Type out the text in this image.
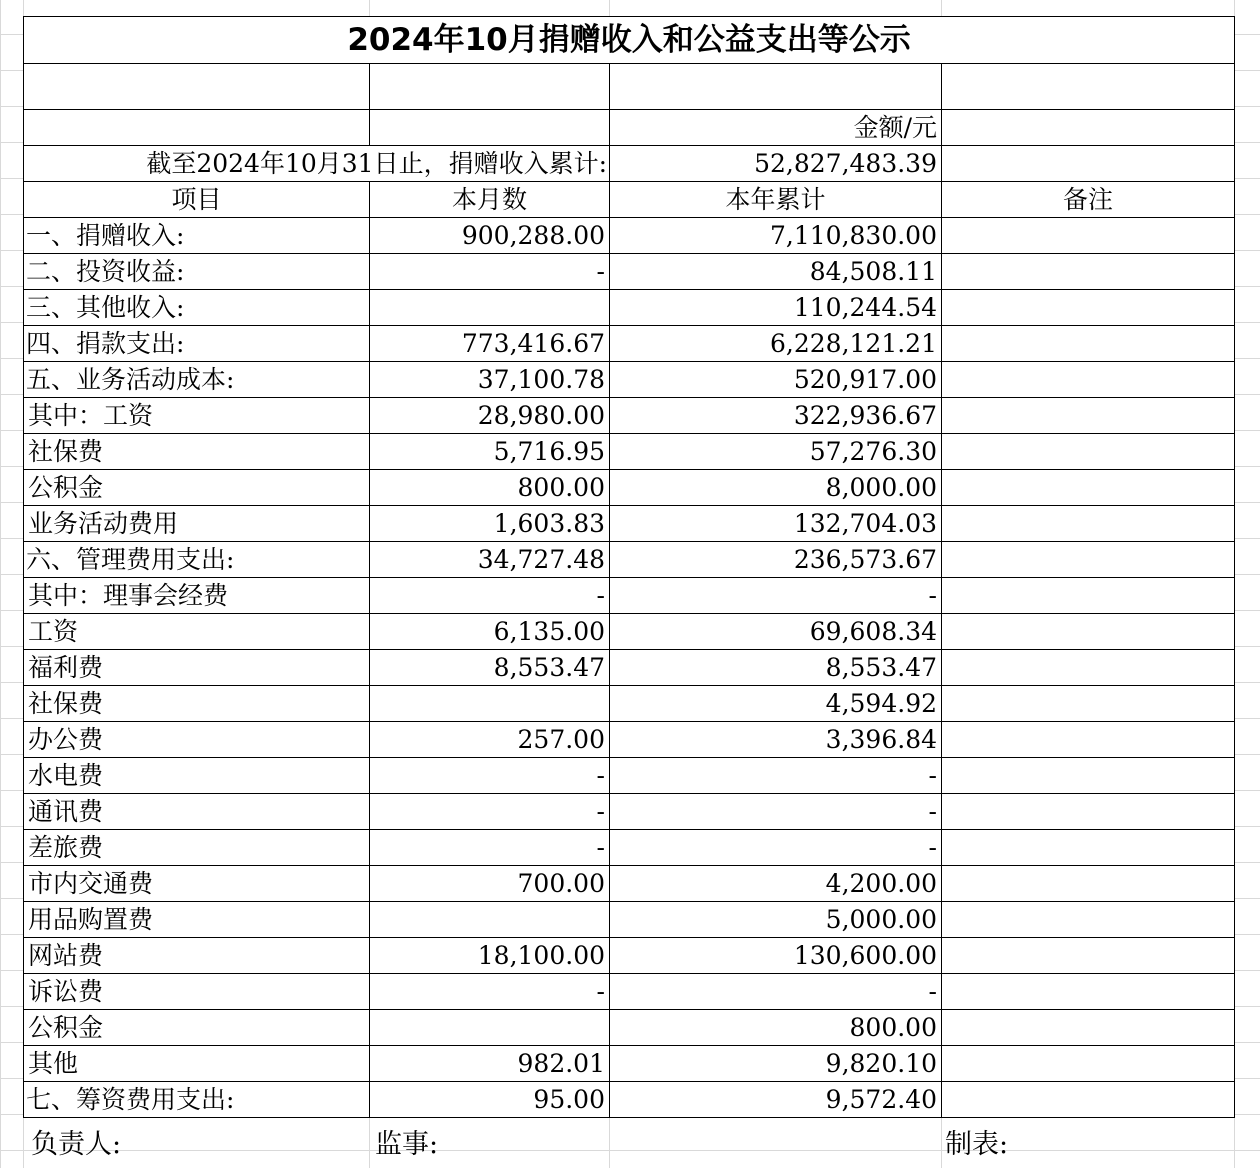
2024年10月捐赠收入和公益支出等公示			

		金额/元	
截至2024年10月31日止，捐赠收入累计:		52,827,483.39	
项目	本月数	本年累计	备注
一、捐赠收入:	900,288.00	7,110,830.00	
二、投资收益:	-	84,508.11	
三、其他收入:		110,244.54	
四、捐款支出:	773,416.67	6,228,121.21	
五、业务活动成本:	37,100.78	520,917.00	
其中：工资	28,980.00	322,936.67	
社保费	5,716.95	57,276.30	
公积金	800.00	8,000.00	
业务活动费用	1,603.83	132,704.03	
六、管理费用支出:	34,727.48	236,573.67	
其中：理事会经费	-	-	
工资	6,135.00	69,608.34	
福利费	8,553.47	8,553.47	
社保费		4,594.92	
办公费	257.00	3,396.84	
水电费	-	-	
通讯费	-	-	
差旅费	-	-	
市内交通费	700.00	4,200.00	
用品购置费		5,000.00	
网站费	18,100.00	130,600.00	
诉讼费	-	-	
公积金		800.00	
其他	982.01	9,820.10	
七、筹资费用支出:	95.00	9,572.40	
负责人:	监事:	制表:
